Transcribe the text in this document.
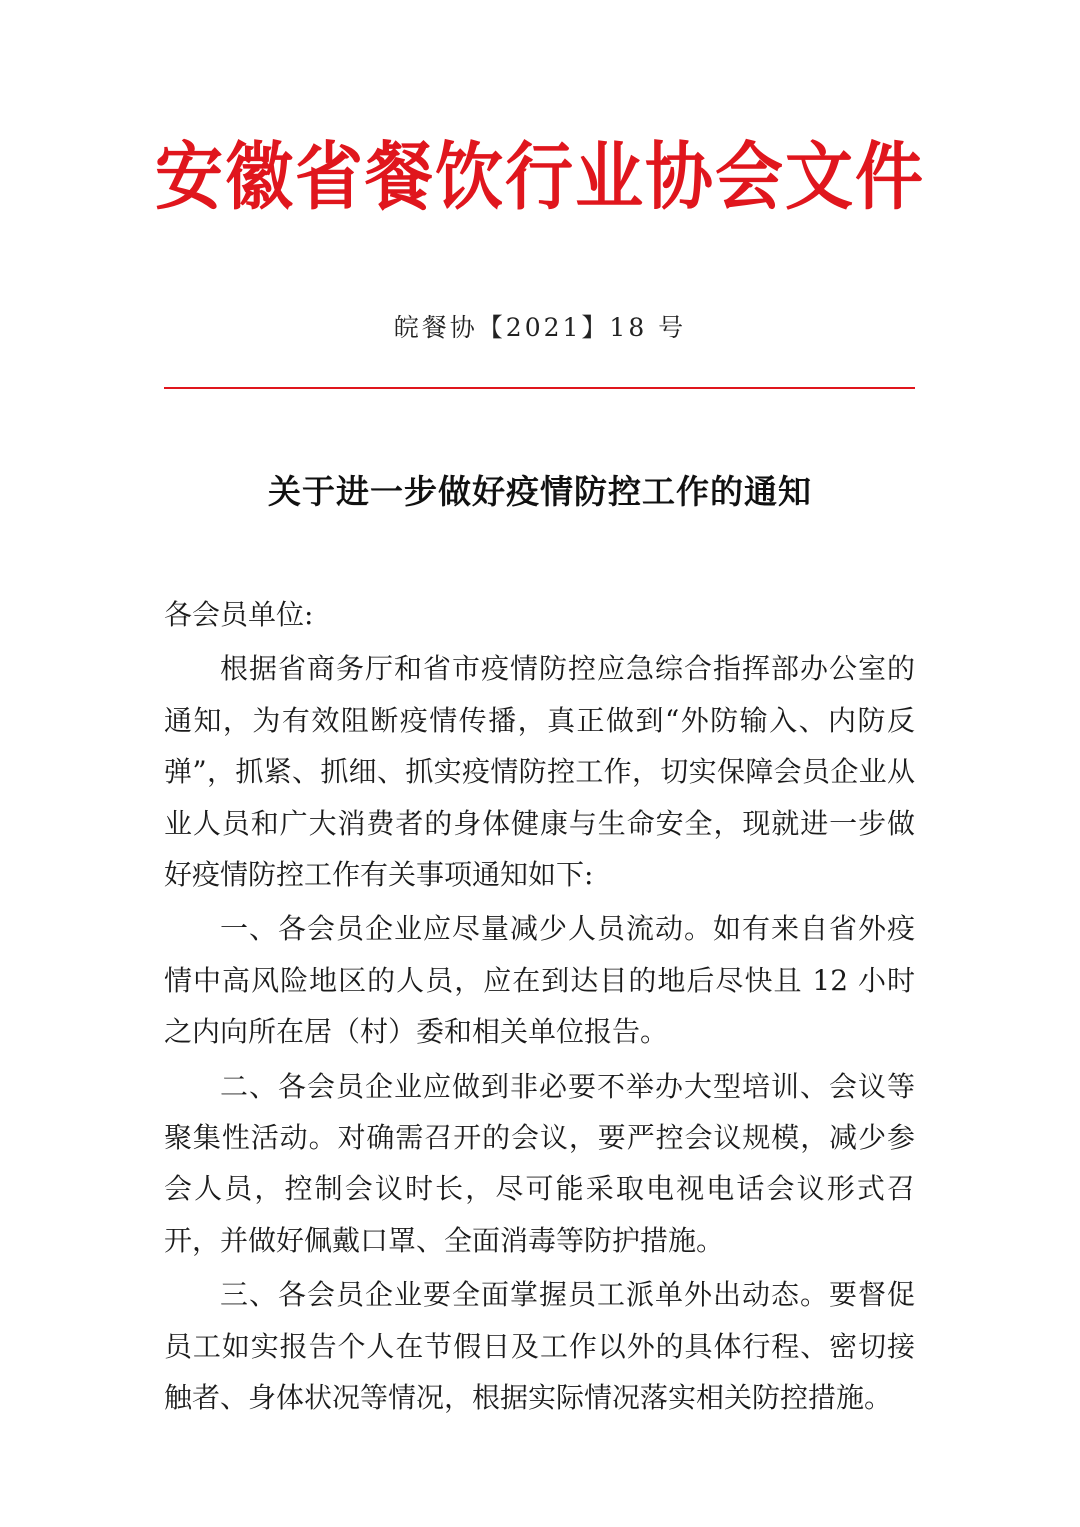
安徽省餐饮行业协会文件
皖餐协【2021】18 号
关于进一步做好疫情防控工作的通知

各会员单位:

根据省商务厅和省市疫情防控应急综合指挥部办公室的通知，为有效阻断疫情传播，真正做到“外防输入、内防反弹”，抓紧、抓细、抓实疫情防控工作，切实保障会员企业从业人员和广大消费者的身体健康与生命安全，现就进一步做好疫情防控工作有关事项通知如下:

一、各会员企业应尽量减少人员流动。如有来自省外疫情中高风险地区的人员，应在到达目的地后尽快且 12 小时之内向所在居（村）委和相关单位报告。

二、各会员企业应做到非必要不举办大型培训、会议等聚集性活动。对确需召开的会议，要严控会议规模，减少参会人员，控制会议时长，尽可能采取电视电话会议形式召开，并做好佩戴口罩、全面消毒等防护措施。

三、各会员企业要全面掌握员工派单外出动态。要督促员工如实报告个人在节假日及工作以外的具体行程、密切接触者、身体状况等情况，根据实际情况落实相关防控措施。
